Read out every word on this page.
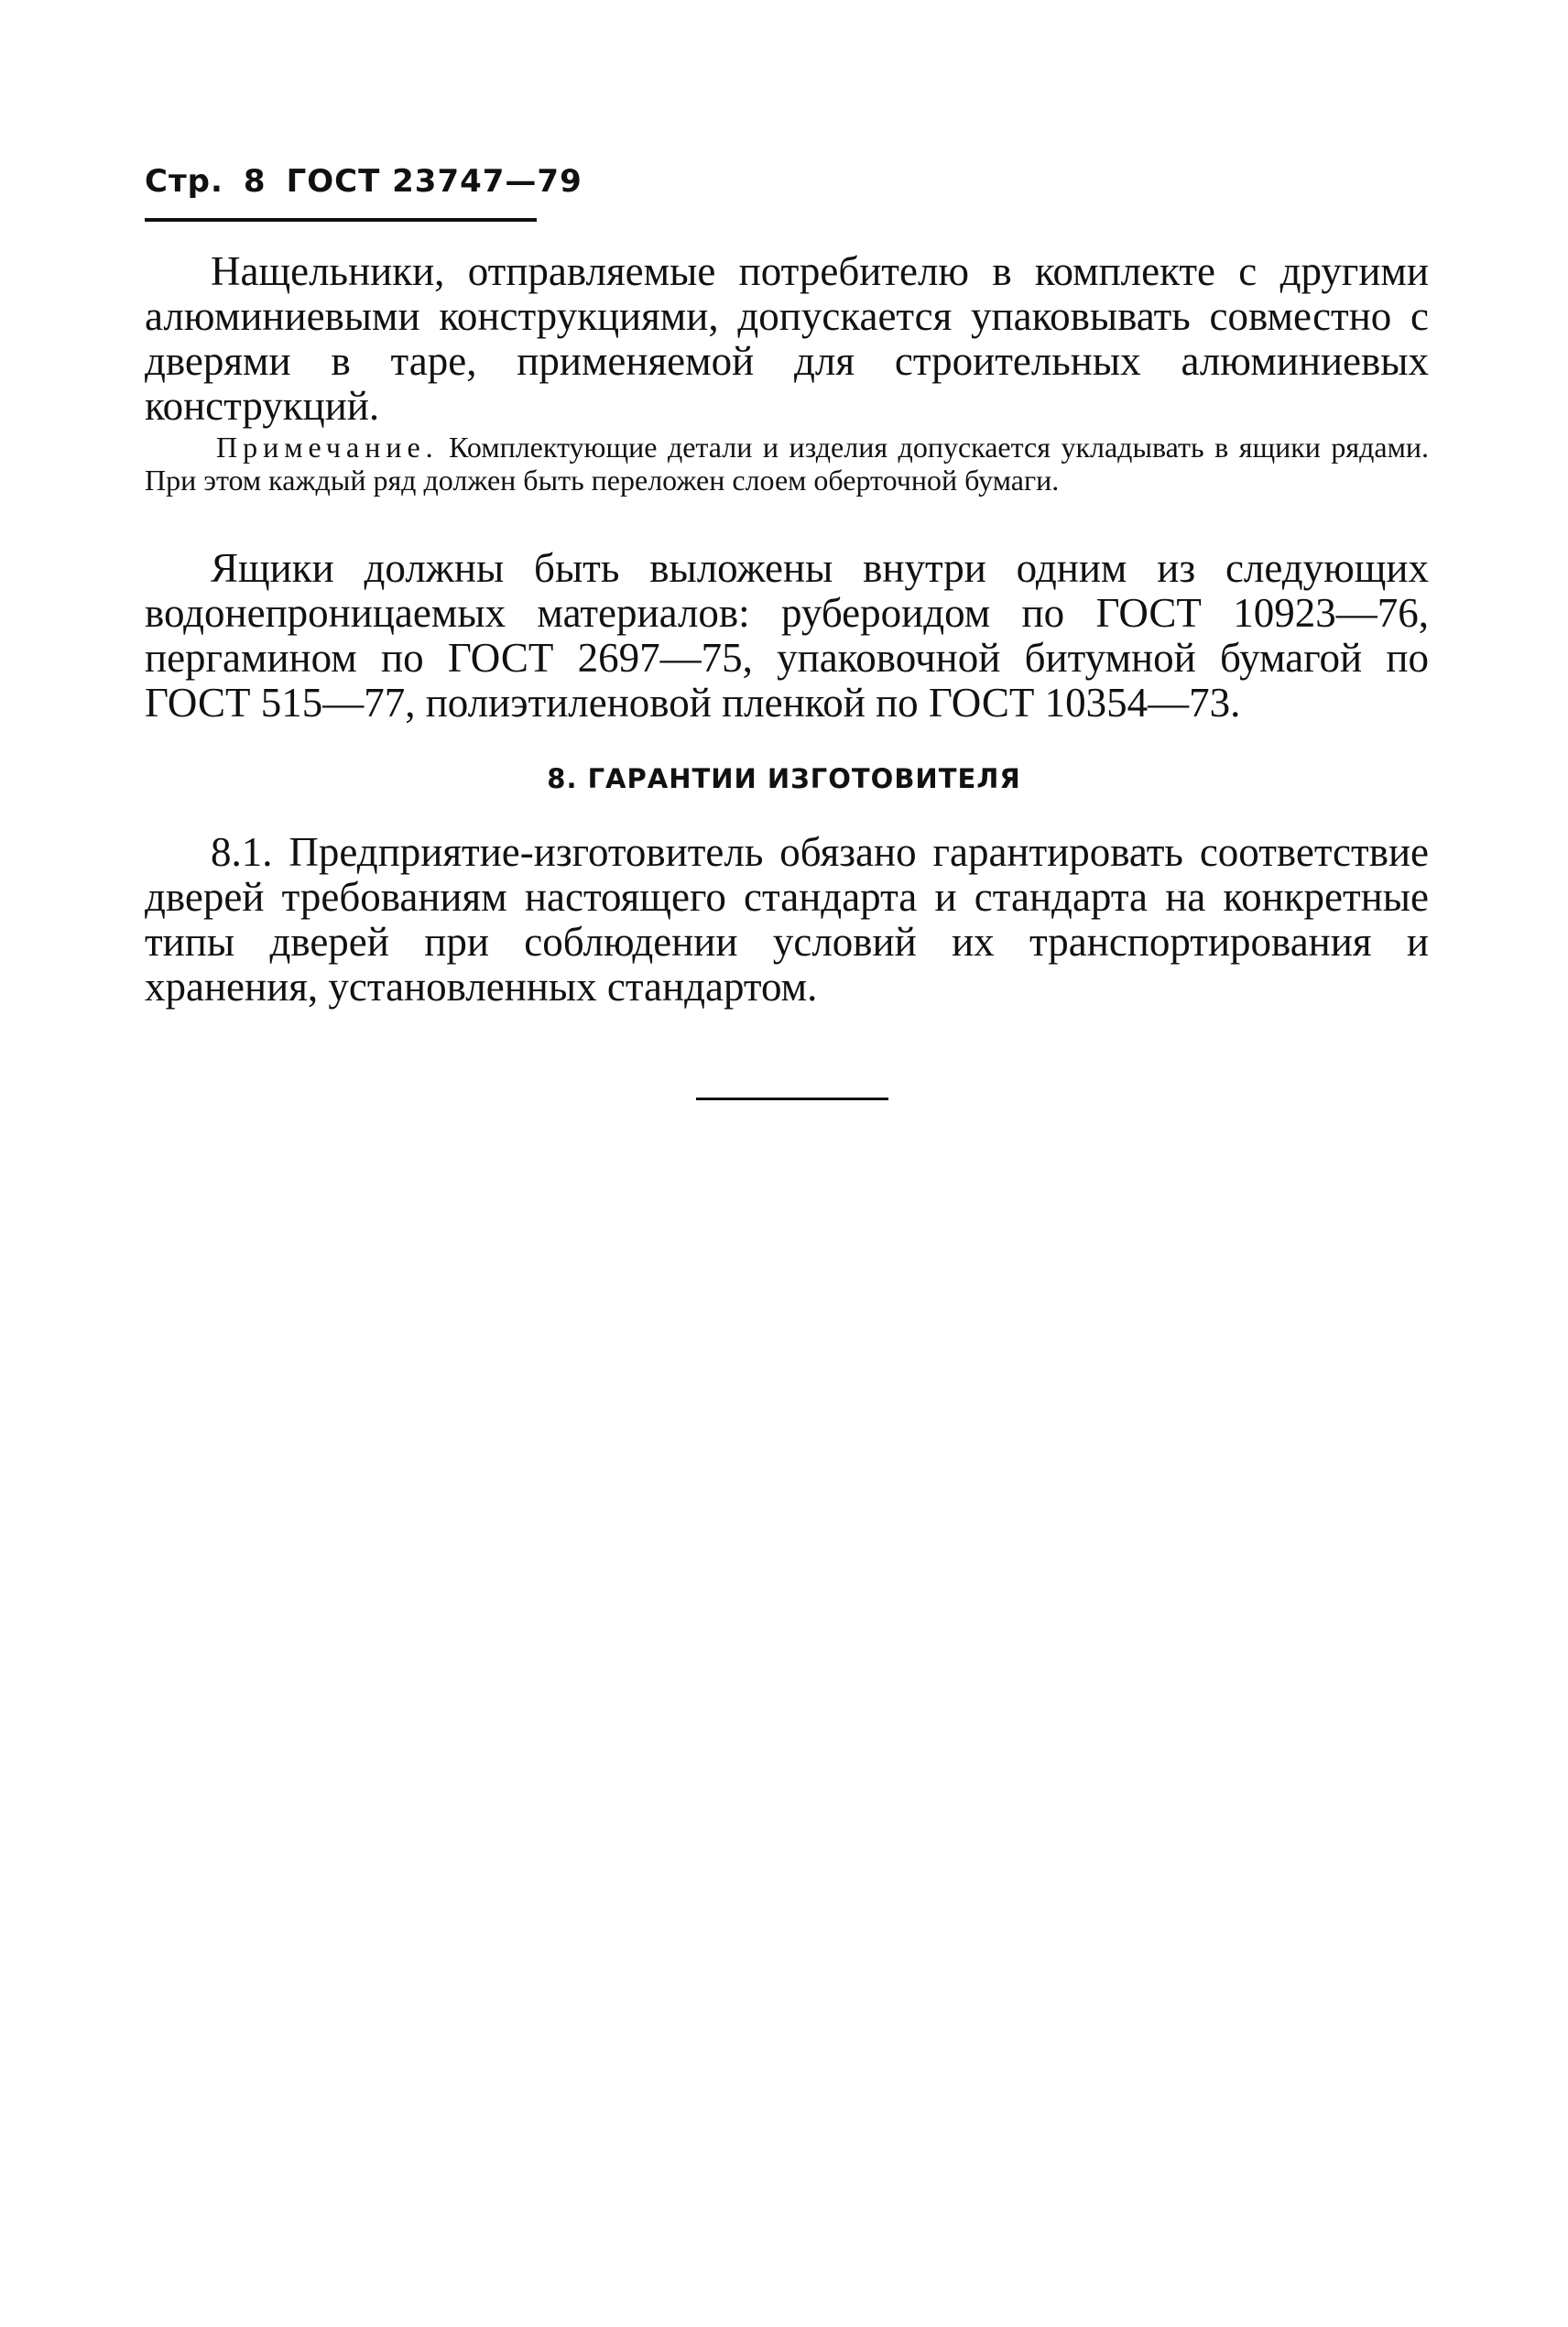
Стр. 8 ГОСТ 23747—79

Нащельники, отправляемые потребителю в комплекте с другими алюминиевыми конструкциями, допускается упаковывать совместно с дверями в таре, применяемой для строительных алюминиевых конструкций.

Примечание. Комплектующие детали и изделия допускается укладывать в ящики рядами. При этом каждый ряд должен быть переложен слоем оберточной бумаги.

Ящики должны быть выложены внутри одним из следующих водонепроницаемых материалов: рубероидом по ГОСТ 10923—76, пергамином по ГОСТ 2697—75, упаковочной битумной бумагой по ГОСТ 515—77, полиэтиленовой пленкой по ГОСТ 10354—73.

8. ГАРАНТИИ ИЗГОТОВИТЕЛЯ

8.1. Предприятие-изготовитель обязано гарантировать соответствие дверей требованиям настоящего стандарта и стандарта на конкретные типы дверей при соблюдении условий их транспортирования и хранения, установленных стандартом.
